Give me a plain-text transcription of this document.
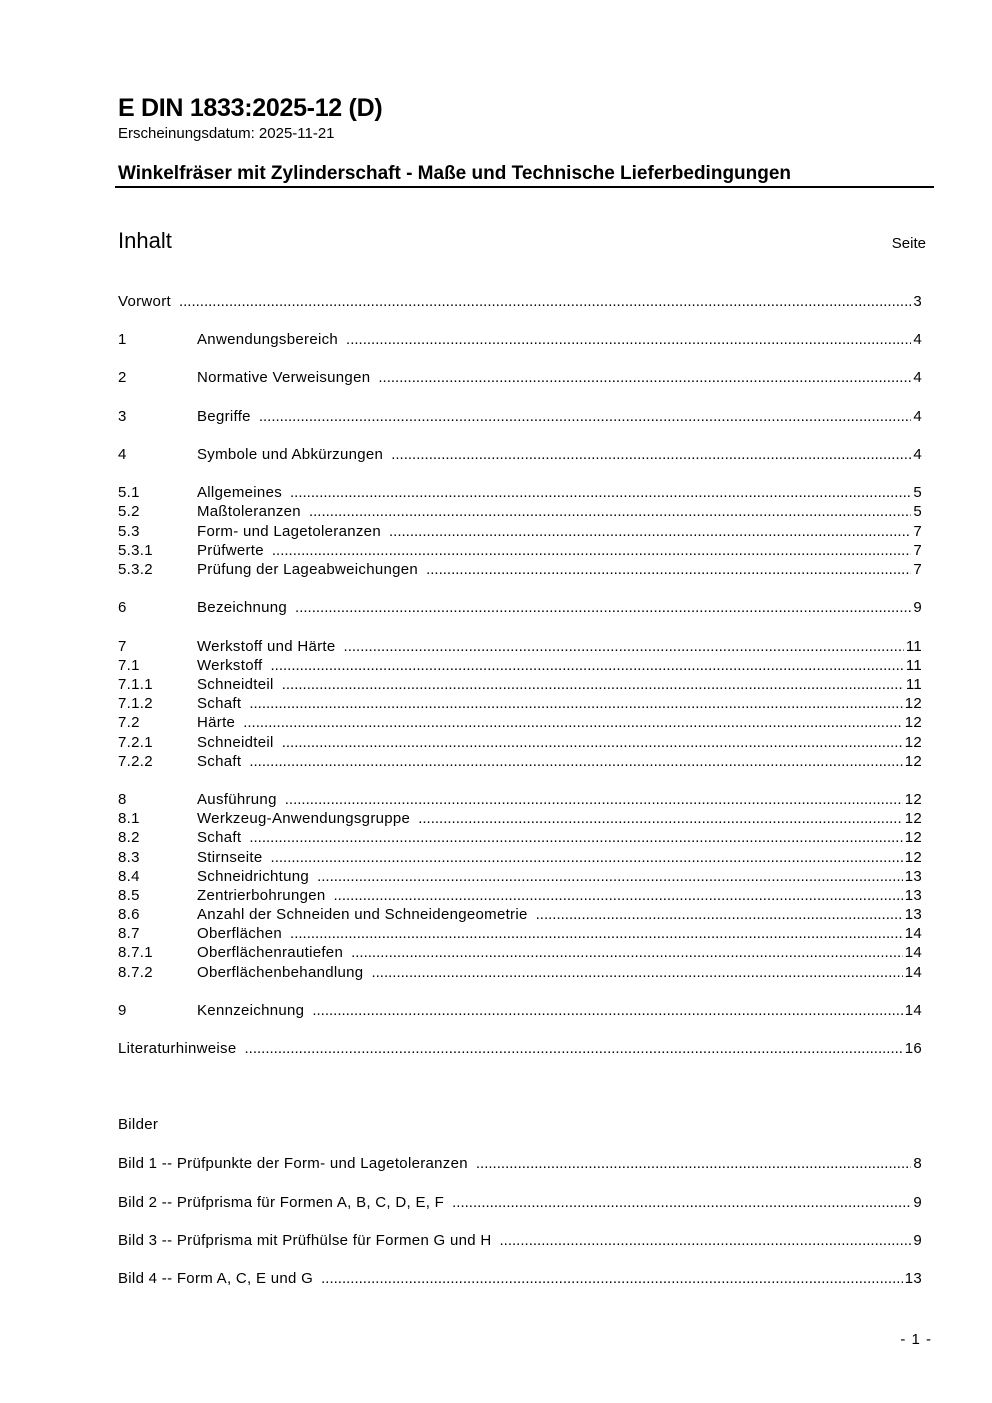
E DIN 1833:2025-12 (D)
Erscheinungsdatum: 2025-11-21
Winkelfräser mit Zylinderschaft - Maße und Technische Lieferbedingungen
Inhalt	Seite
Vorwort .....	3
1	Anwendungsbereich .....	4
2	Normative Verweisungen .....	4
3	Begriffe .....	4
4	Symbole und Abkürzungen .....	4
5.1	Allgemeines .....	5
5.2	Maßtoleranzen .....	5
5.3	Form- und Lagetoleranzen .....	7
5.3.1	Prüfwerte .....	7
5.3.2	Prüfung der Lageabweichungen .....	7
6	Bezeichnung .....	9
7	Werkstoff und Härte .....	11
7.1	Werkstoff .....	11
7.1.1	Schneidteil .....	11
7.1.2	Schaft .....	12
7.2	Härte .....	12
7.2.1	Schneidteil .....	12
7.2.2	Schaft .....	12
8	Ausführung .....	12
8.1	Werkzeug-Anwendungsgruppe .....	12
8.2	Schaft .....	12
8.3	Stirnseite .....	12
8.4	Schneidrichtung .....	13
8.5	Zentrierbohrungen .....	13
8.6	Anzahl der Schneiden und Schneidengeometrie .....	13
8.7	Oberflächen .....	14
8.7.1	Oberflächenrautiefen .....	14
8.7.2	Oberflächenbehandlung .....	14
9	Kennzeichnung .....	14
Literaturhinweise .....	16
Bilder
Bild 1 -- Prüfpunkte der Form- und Lagetoleranzen .....	8
Bild 2 -- Prüfprisma für Formen A, B, C, D, E, F .....	9
Bild 3 -- Prüfprisma mit Prüfhülse für Formen G und H .....	9
Bild 4 -- Form A, C, E und G .....	13
- 1 -
